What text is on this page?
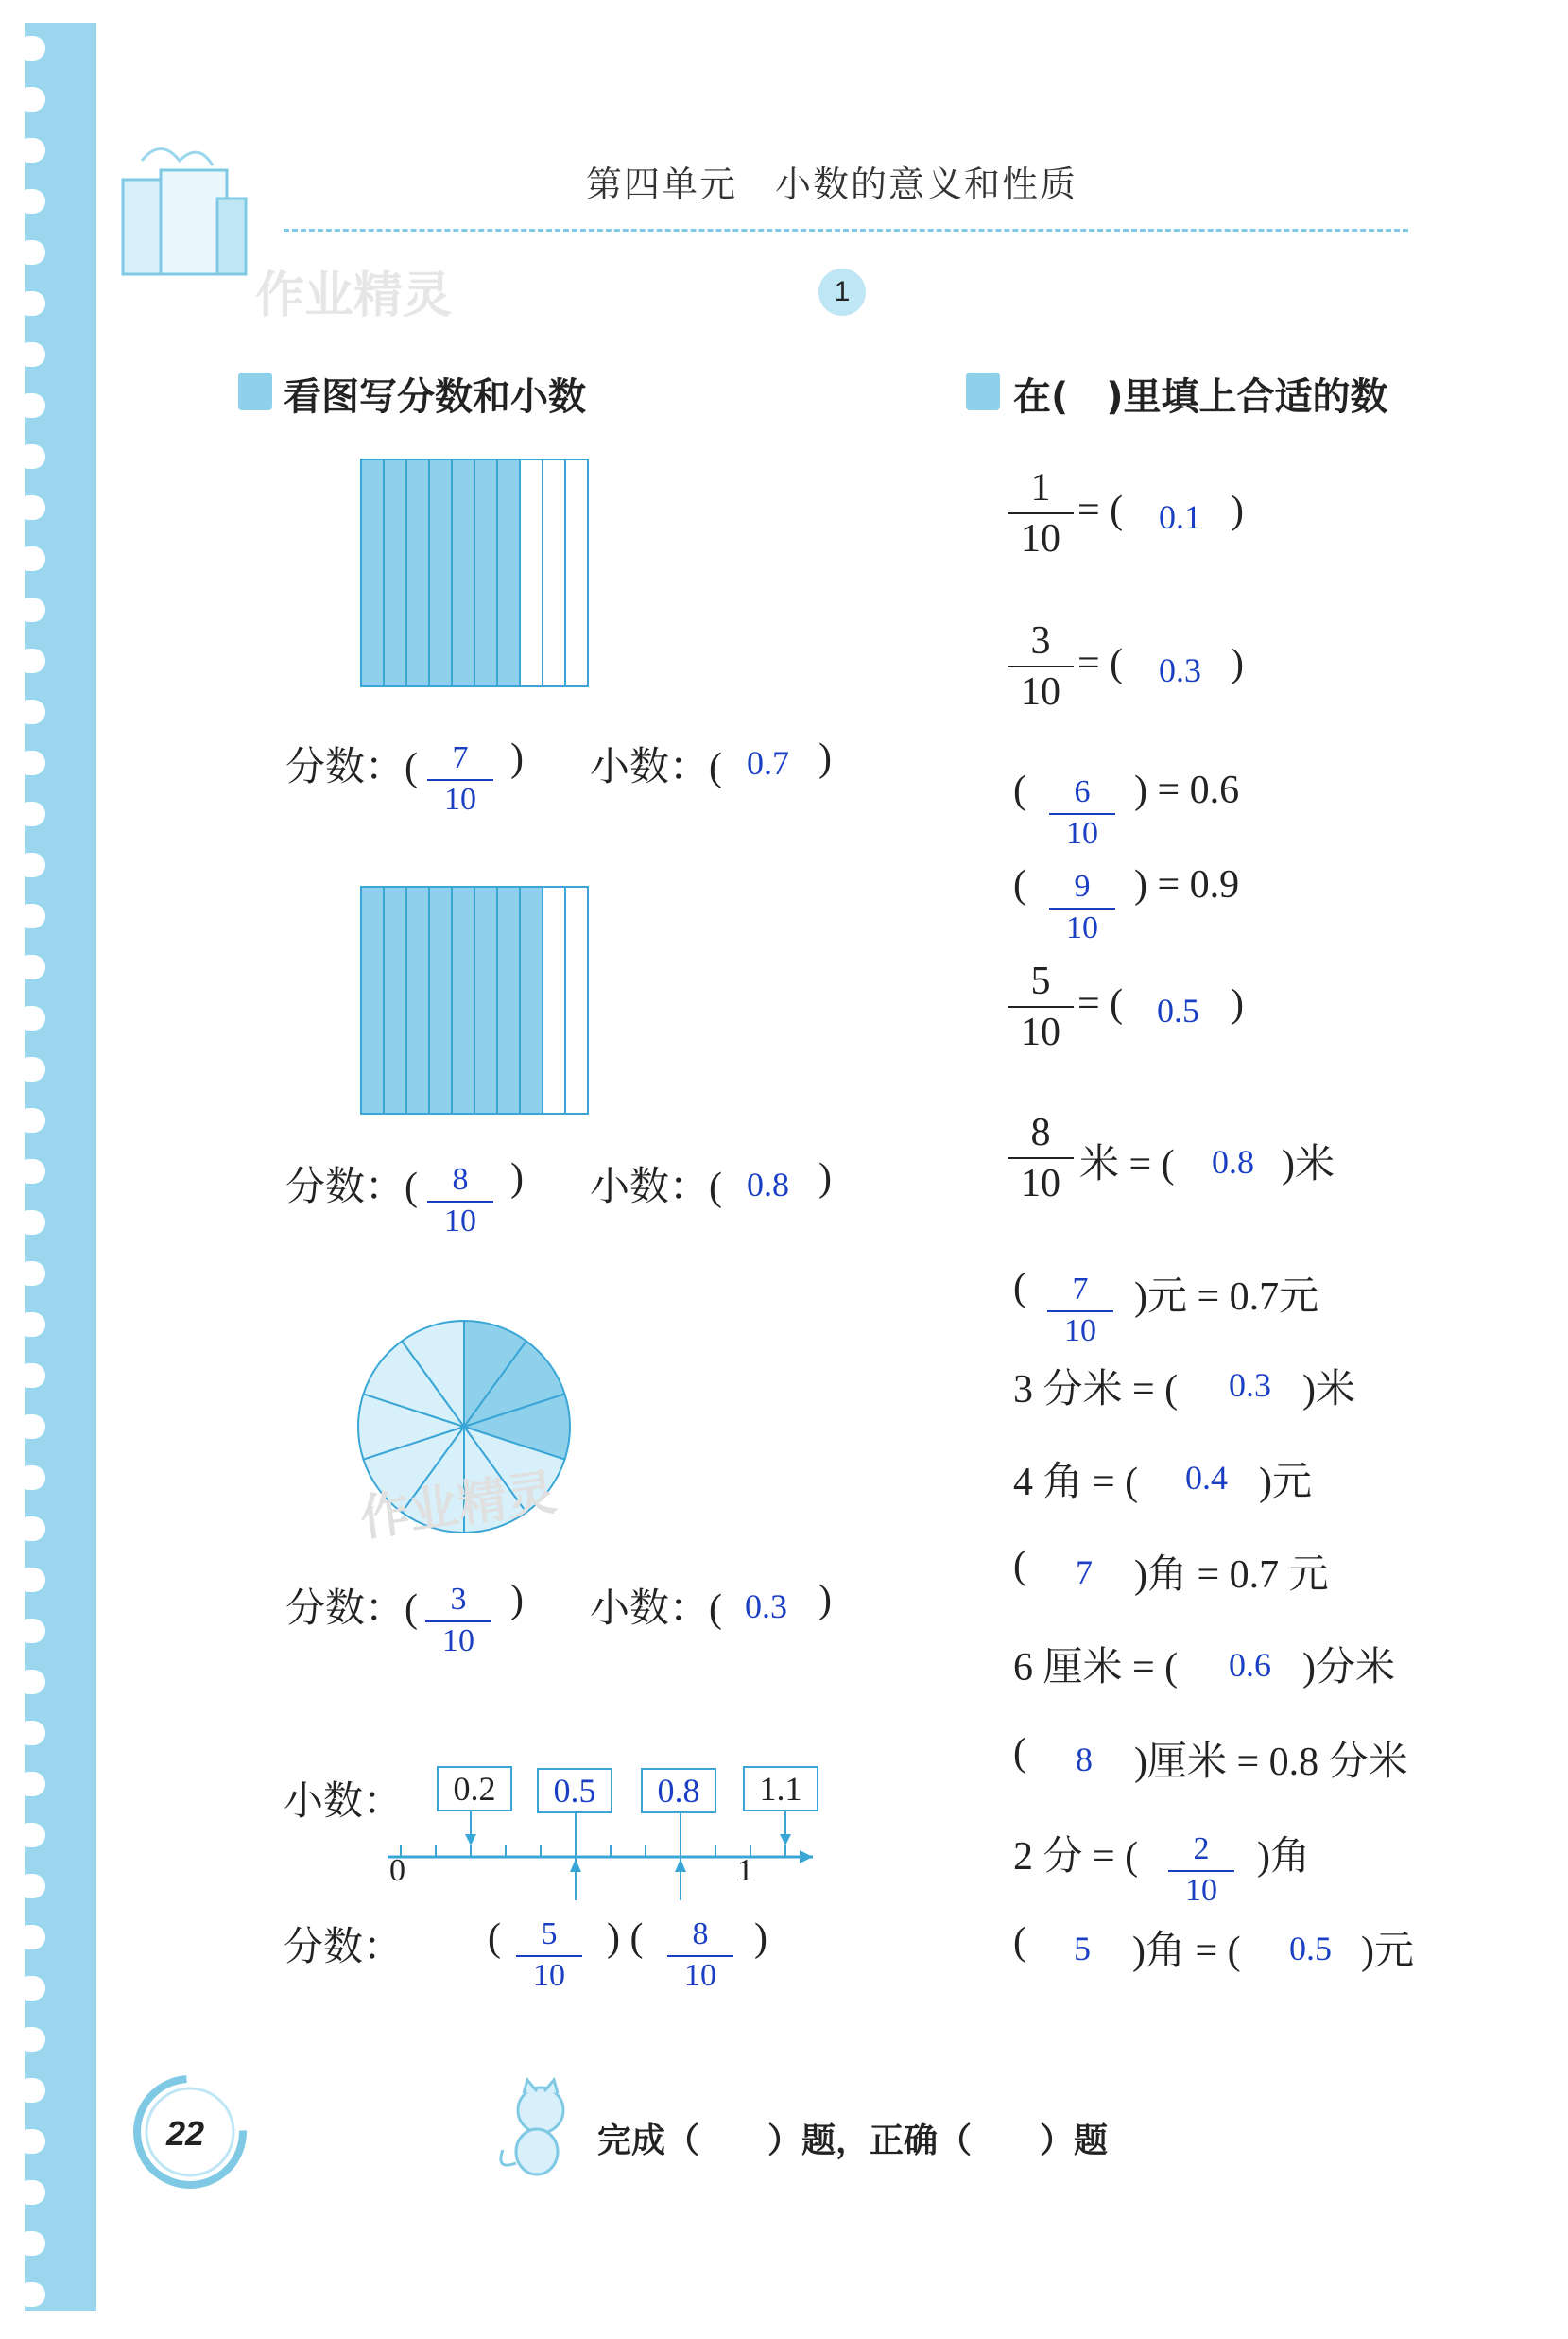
作业精灵
第四单元　小数的意义和性质
1
看图写分数和小数
分数：( $\frac{7}{10}$ ) 小数：( 0.7 )
分数：( $\frac{8}{10}$ ) 小数：( 0.8 )
作业精灵
分数：( $\frac{3}{10}$ ) 小数：( 0.3 )
小数：	0.2	0.5	0.8	1.1
0	1
分数： ( $\frac{5}{10}$ ) ( $\frac{8}{10}$ )
在(　)里填上合适的数
1
10
= ( 0.1 )
3
10
= ( 0.3 )
( $\frac{6}{10}$ ) = 0.6
( $\frac{9}{10}$ ) = 0.9
5
10
= ( 0.5 )
8
10 米 = ( 0.8 )米
( $\frac{7}{10}$ )元 = 0.7元
3 分米 = ( 0.3 )米
4 角 = ( 0.4 )元
( 7 )角 = 0.7 元
6 厘米 = ( 0.6 )分米
( 8 )厘米 = 0.8 分米
2 分 = ( $\frac{2}{10}$ )角
( 5 )角 = ( 0.5 )元
22	完成（　　）题，正确（　　）题
